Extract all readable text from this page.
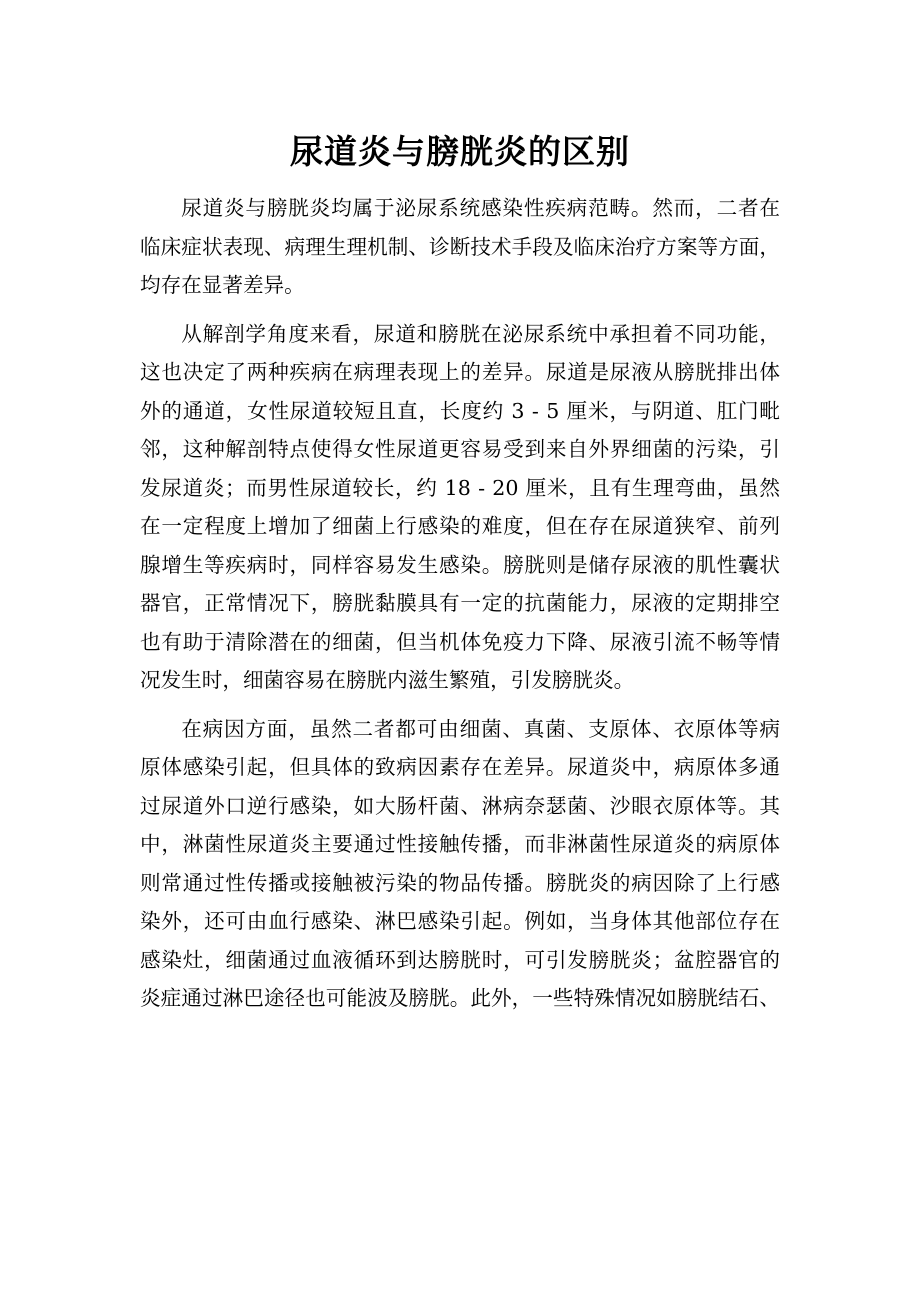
尿道炎与膀胱炎的区别

尿道炎与膀胱炎均属于泌尿系统感染性疾病范畴。然而，二者在
临床症状表现、病理生理机制、诊断技术手段及临床治疗方案等方面，
均存在显著差异。

从解剖学角度来看，尿道和膀胱在泌尿系统中承担着不同功能，
这也决定了两种疾病在病理表现上的差异。尿道是尿液从膀胱排出体
外的通道，女性尿道较短且直，长度约 3 - 5 厘米，与阴道、肛门毗
邻，这种解剖特点使得女性尿道更容易受到来自外界细菌的污染，引
发尿道炎；而男性尿道较长，约 18 - 20 厘米，且有生理弯曲，虽然
在一定程度上增加了细菌上行感染的难度，但在存在尿道狭窄、前列
腺增生等疾病时，同样容易发生感染。膀胱则是储存尿液的肌性囊状
器官，正常情况下，膀胱黏膜具有一定的抗菌能力，尿液的定期排空
也有助于清除潜在的细菌，但当机体免疫力下降、尿液引流不畅等情
况发生时，细菌容易在膀胱内滋生繁殖，引发膀胱炎。

在病因方面，虽然二者都可由细菌、真菌、支原体、衣原体等病
原体感染引起，但具体的致病因素存在差异。尿道炎中，病原体多通
过尿道外口逆行感染，如大肠杆菌、淋病奈瑟菌、沙眼衣原体等。其
中，淋菌性尿道炎主要通过性接触传播，而非淋菌性尿道炎的病原体
则常通过性传播或接触被污染的物品传播。膀胱炎的病因除了上行感
染外，还可由血行感染、淋巴感染引起。例如，当身体其他部位存在
感染灶，细菌通过血液循环到达膀胱时，可引发膀胱炎；盆腔器官的
炎症通过淋巴途径也可能波及膀胱。此外，一些特殊情况如膀胱结石、
